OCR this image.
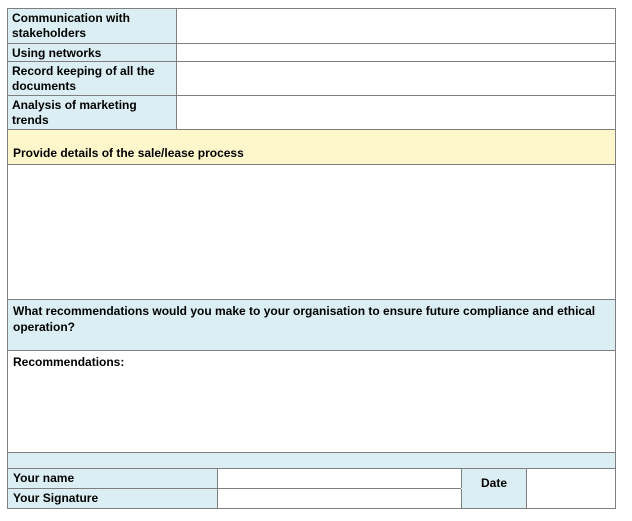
Communication with stakeholders
Using networks
Record keeping of all the documents
Analysis of marketing trends
Provide details of the sale/lease process
What recommendations would you make to your organisation to ensure future compliance and ethical operation?
Recommendations:
Your name
Your Signature
Date
